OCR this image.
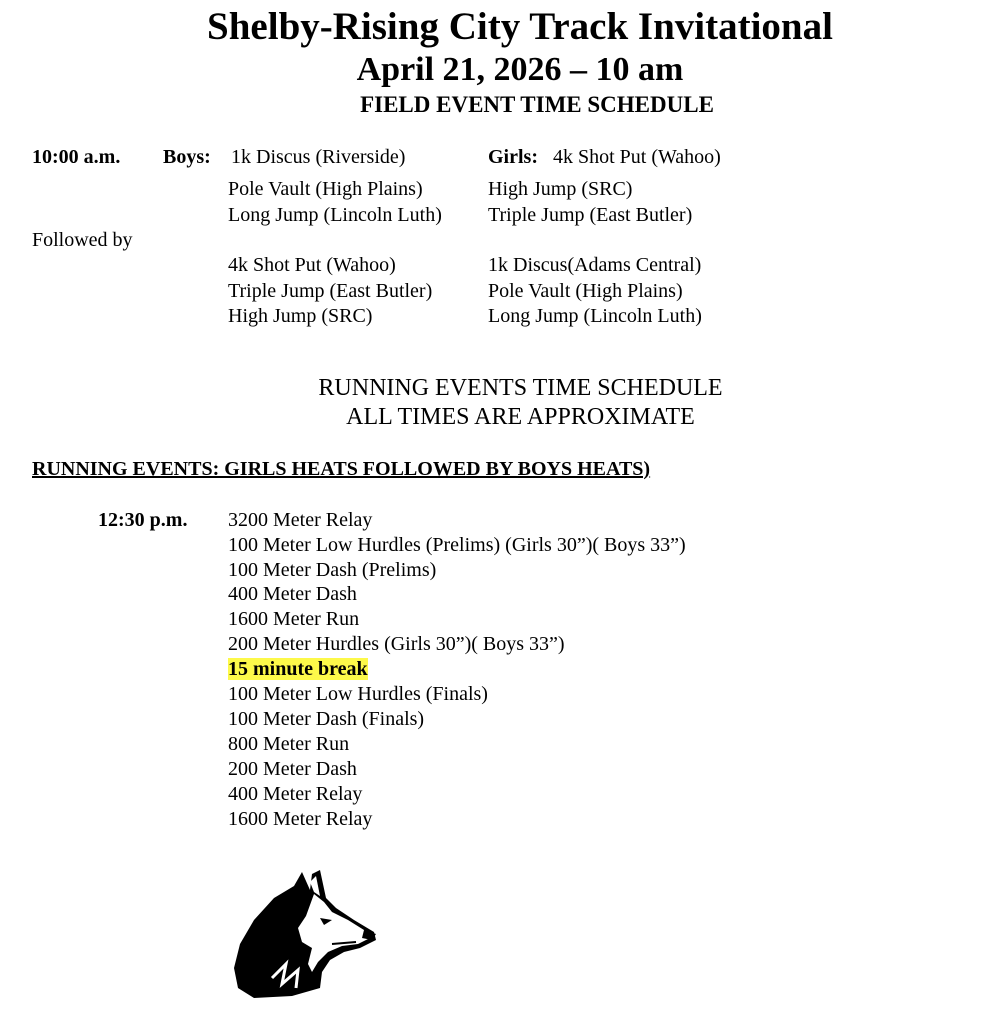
Shelby-Rising City Track Invitational
April 21, 2026 – 10 am
FIELD EVENT TIME SCHEDULE
10:00 a.m. Boys: 1k Discus (Riverside)
Pole Vault (High Plains)
Long Jump (Lincoln Luth)
Girls: 4k Shot Put (Wahoo)
High Jump (SRC)
Triple Jump (East Butler)
Followed by
4k Shot Put (Wahoo)
Triple Jump (East Butler)
High Jump (SRC)
1k Discus(Adams Central)
Pole Vault (High Plains)
Long Jump (Lincoln Luth)
RUNNING EVENTS TIME SCHEDULE
ALL TIMES ARE APPROXIMATE
RUNNING EVENTS: GIRLS HEATS FOLLOWED BY BOYS HEATS)
12:30 p.m. 3200 Meter Relay
100 Meter Low Hurdles (Prelims) (Girls 30”)( Boys 33”)
100 Meter Dash (Prelims)
400 Meter Dash
1600 Meter Run
200 Meter Hurdles (Girls 30”)( Boys 33”)
15 minute break
100 Meter Low Hurdles (Finals)
100 Meter Dash (Finals)
800 Meter Run
200 Meter Dash
400 Meter Relay
1600 Meter Relay
